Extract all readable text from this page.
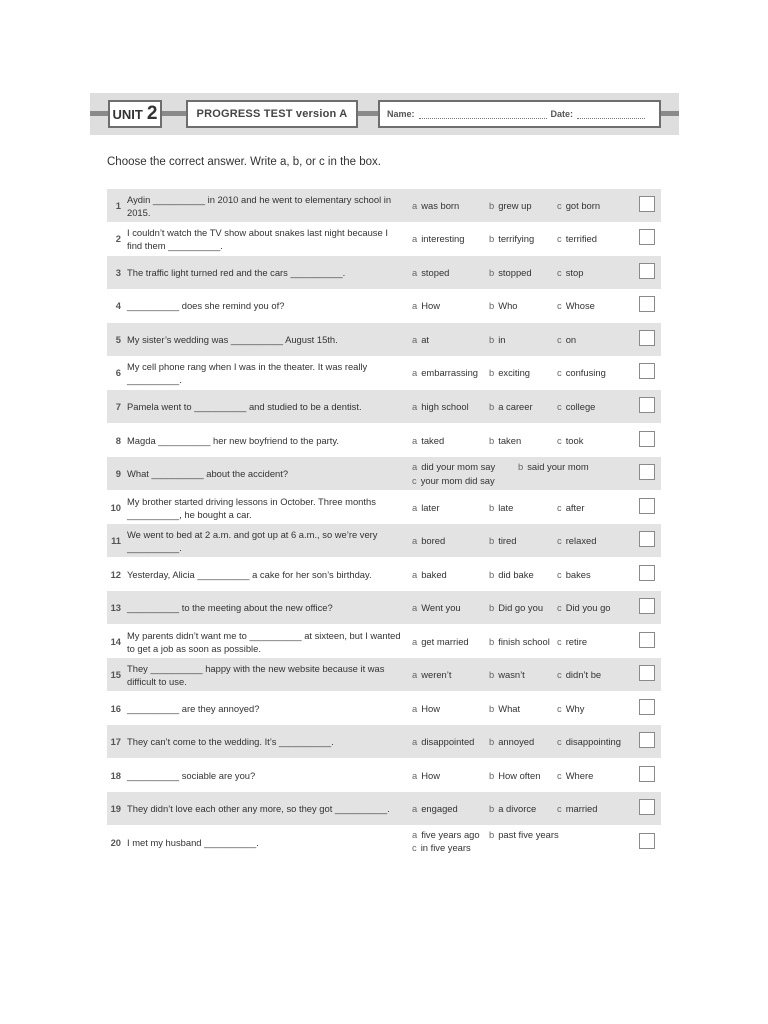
UNIT 2	PROGRESS TEST version A	Name:	Date:
Choose the correct answer. Write a, b, or c in the box.
1
Aydin __________ in 2010 and he went to elementary school in 2015.
a was born	b grew up	c got born
2
I couldn’t watch the TV show about snakes last night because I find them __________.
a interesting	b terrifying c terrified
3 The traffic light turned red and the cars __________.	a stoped	b stopped	c stop
4 __________ does she remind you of?	a How	b Who	c Whose
5 My sister’s wedding was __________ August 15th.	a at	b in	c on
6
My cell phone rang when I was in the theater. It was really __________.
a embarrassing b exciting	c confusing
7 Pamela went to __________ and studied to be a dentist.	a high school b a career	c college
8 Magda __________ her new boyfriend to the party.	a taked	b taken	c took
9 What __________ about the accident?
a did your mom say b said your mom
c your mom did say
10
My brother started driving lessons in October. Three months __________, he bought a car.
a later	b late	c after
11
We went to bed at 2 a.m. and got up at 6 a.m., so we’re very __________.
a bored	b tired	c relaxed
12 Yesterday, Alicia __________ a cake for her son’s birthday.	a baked	b did bake c bakes
13 __________ to the meeting about the new office?	a Went you	b Did go you c Did you go
14
My parents didn’t want me to __________ at sixteen, but I wanted to get a job as soon as possible.
a get married b finish school c retire
15
They __________ happy with the new website because it was difficult to use.
a weren’t	b wasn’t	c didn’t be
16 __________ are they annoyed?	a How	b What	c Why
17 They can’t come to the wedding. It’s __________.	a disappointed b annoyed c disappointing
18 __________ sociable are you?	a How	b How often c Where
19 They didn’t love each other any more, so they got __________.	a engaged	b a divorce c married
20 I met my husband __________.
a five years ago b past five years
c in five years
